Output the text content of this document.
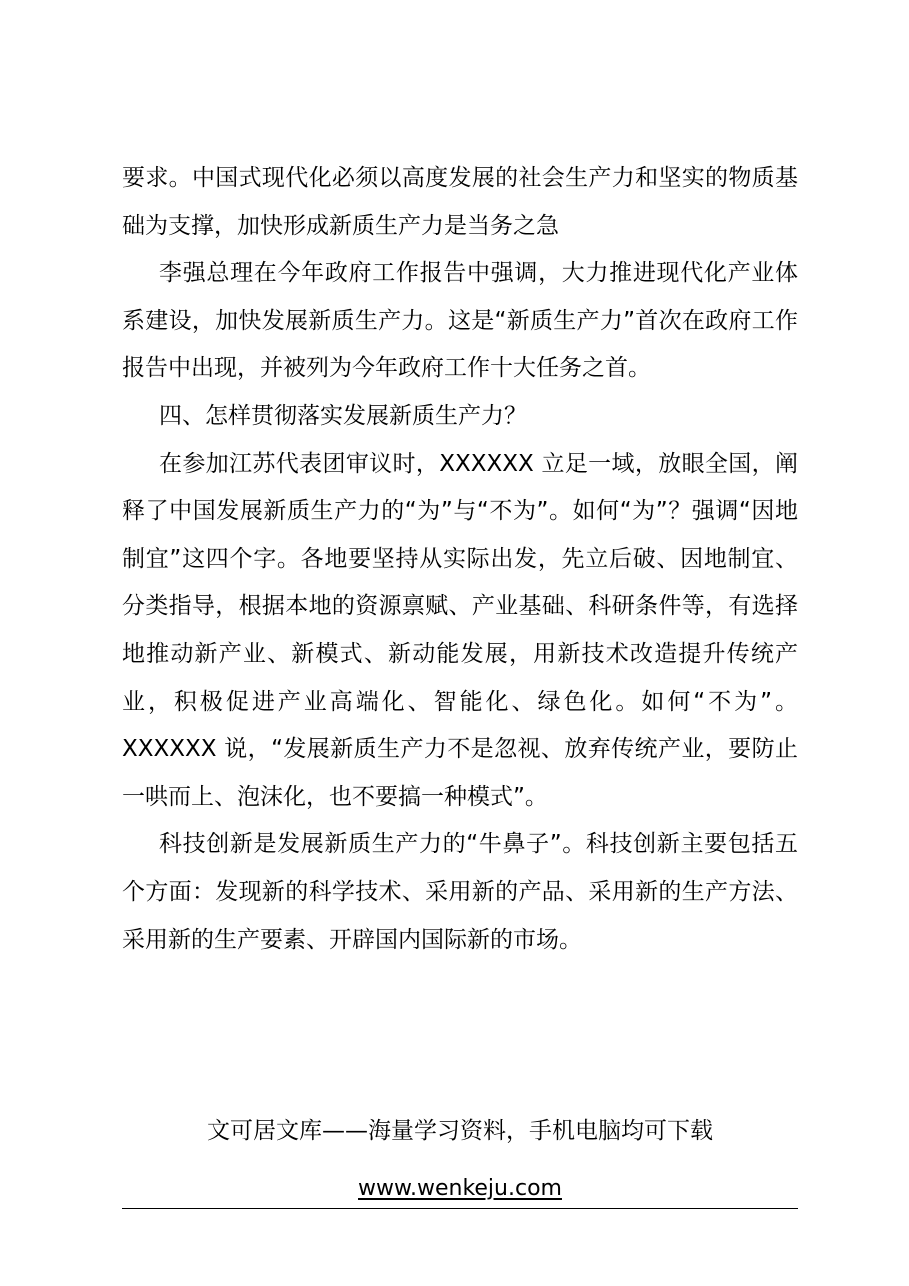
要求。中国式现代化必须以高度发展的社会生产力和坚实的物质基础为支撑，加快形成新质生产力是当务之急

李强总理在今年政府工作报告中强调，大力推进现代化产业体系建设，加快发展新质生产力。这是“新质生产力”首次在政府工作报告中出现，并被列为今年政府工作十大任务之首。

四、怎样贯彻落实发展新质生产力？

在参加江苏代表团审议时，XXXXXX 立足一域，放眼全国，阐释了中国发展新质生产力的“为”与“不为”。如何“为”？强调“因地制宜”这四个字。各地要坚持从实际出发，先立后破、因地制宜、分类指导，根据本地的资源禀赋、产业基础、科研条件等，有选择地推动新产业、新模式、新动能发展，用新技术改造提升传统产业，积极促进产业高端化、智能化、绿色化。如何“不为”。XXXXXX 说，“发展新质生产力不是忽视、放弃传统产业，要防止一哄而上、泡沫化，也不要搞一种模式”。

科技创新是发展新质生产力的“牛鼻子”。科技创新主要包括五个方面：发现新的科学技术、采用新的产品、采用新的生产方法、采用新的生产要素、开辟国内国际新的市场。

文可居文库——海量学习资料，手机电脑均可下载
www.wenkeju.com
